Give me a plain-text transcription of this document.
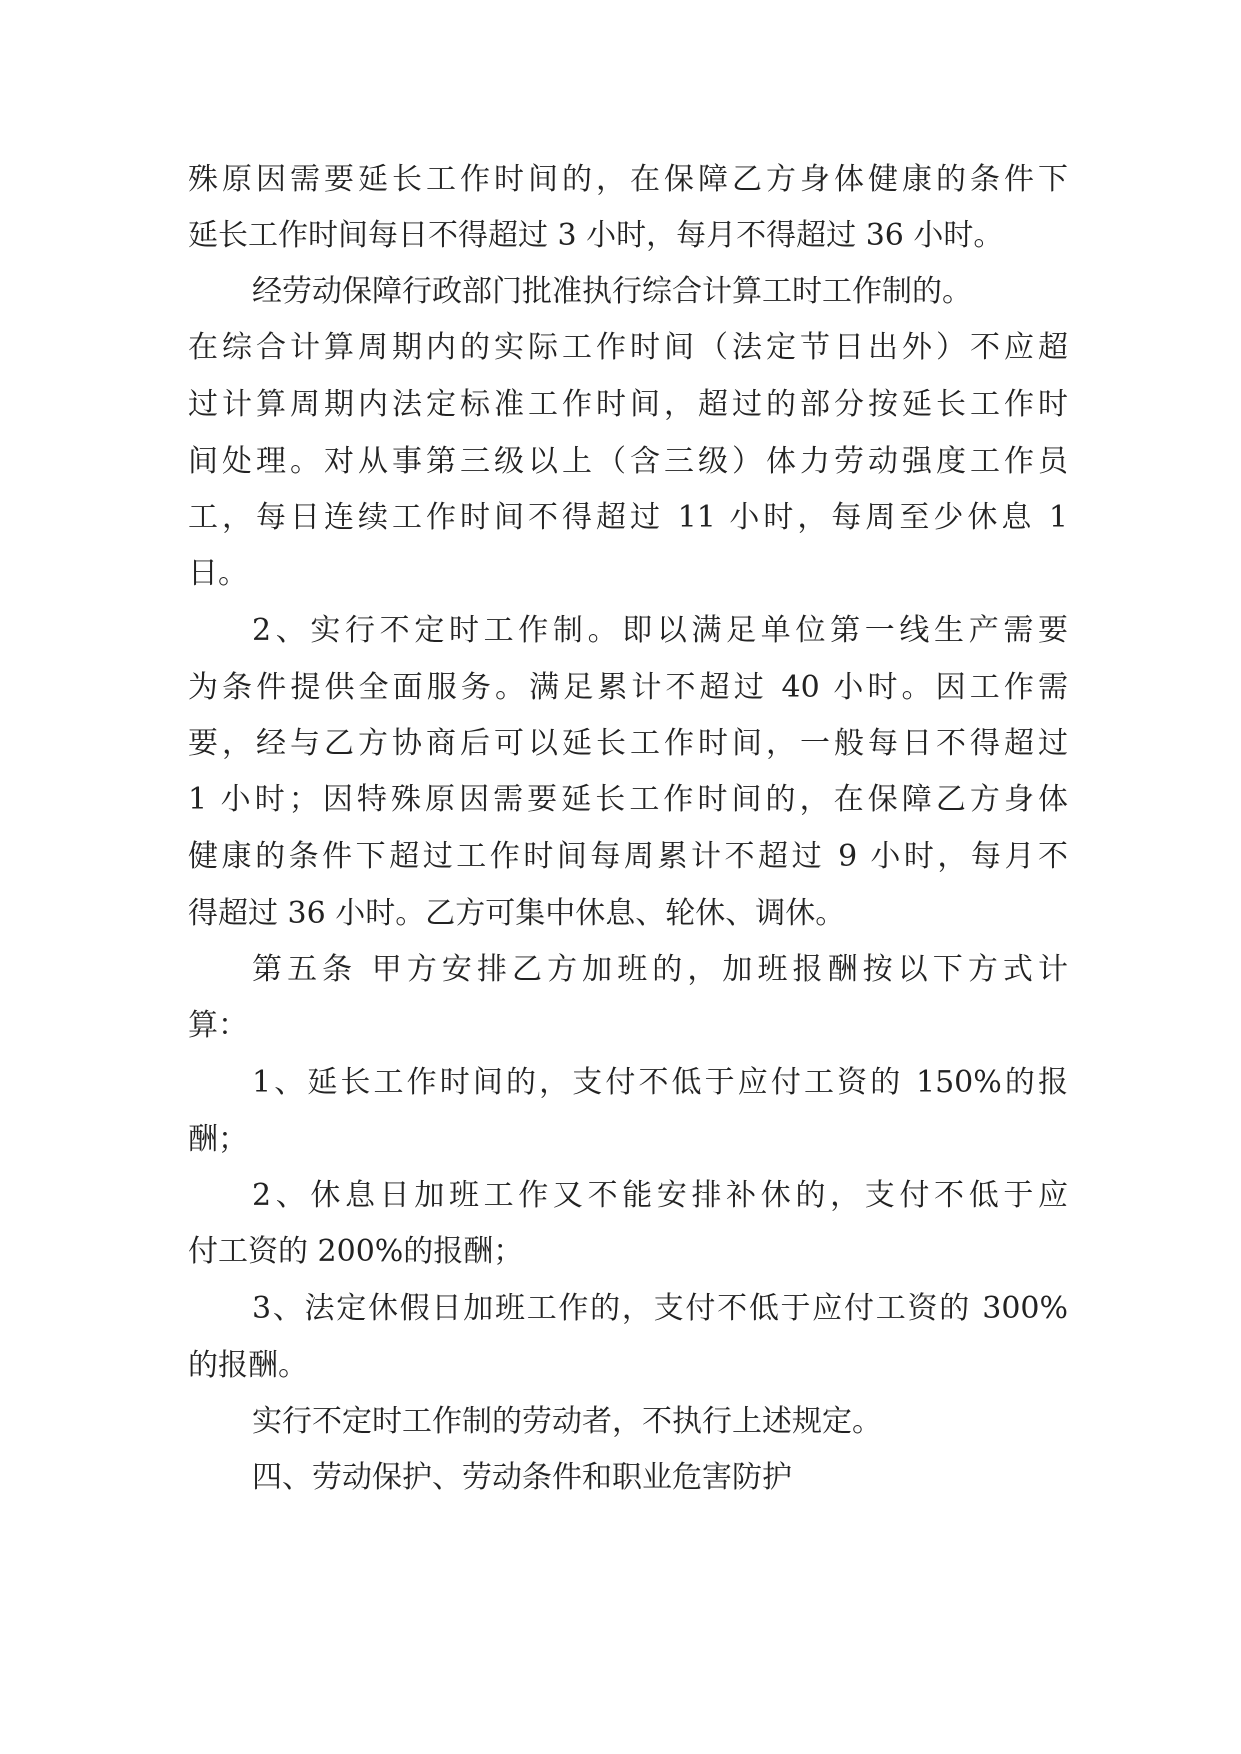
殊原因需要延长工作时间的，在保障乙方身体健康的条件下
延长工作时间每日不得超过 3 小时，每月不得超过 36 小时。
经劳动保障行政部门批准执行综合计算工时工作制的。
在综合计算周期内的实际工作时间（法定节日出外）不应超
过计算周期内法定标准工作时间，超过的部分按延长工作时
间处理。对从事第三级以上（含三级）体力劳动强度工作员
工，每日连续工作时间不得超过 11 小时，每周至少休息 1
日。
2、实行不定时工作制。即以满足单位第一线生产需要
为条件提供全面服务。满足累计不超过 40 小时。因工作需
要，经与乙方协商后可以延长工作时间，一般每日不得超过
1 小时；因特殊原因需要延长工作时间的，在保障乙方身体
健康的条件下超过工作时间每周累计不超过 9 小时，每月不
得超过 36 小时。乙方可集中休息、轮休、调休。
第五条 甲方安排乙方加班的，加班报酬按以下方式计
算：
1、延长工作时间的，支付不低于应付工资的 150%的报
酬；
2、休息日加班工作又不能安排补休的，支付不低于应
付工资的 200%的报酬；
3、法定休假日加班工作的，支付不低于应付工资的 300%
的报酬。
实行不定时工作制的劳动者，不执行上述规定。
四、劳动保护、劳动条件和职业危害防护
